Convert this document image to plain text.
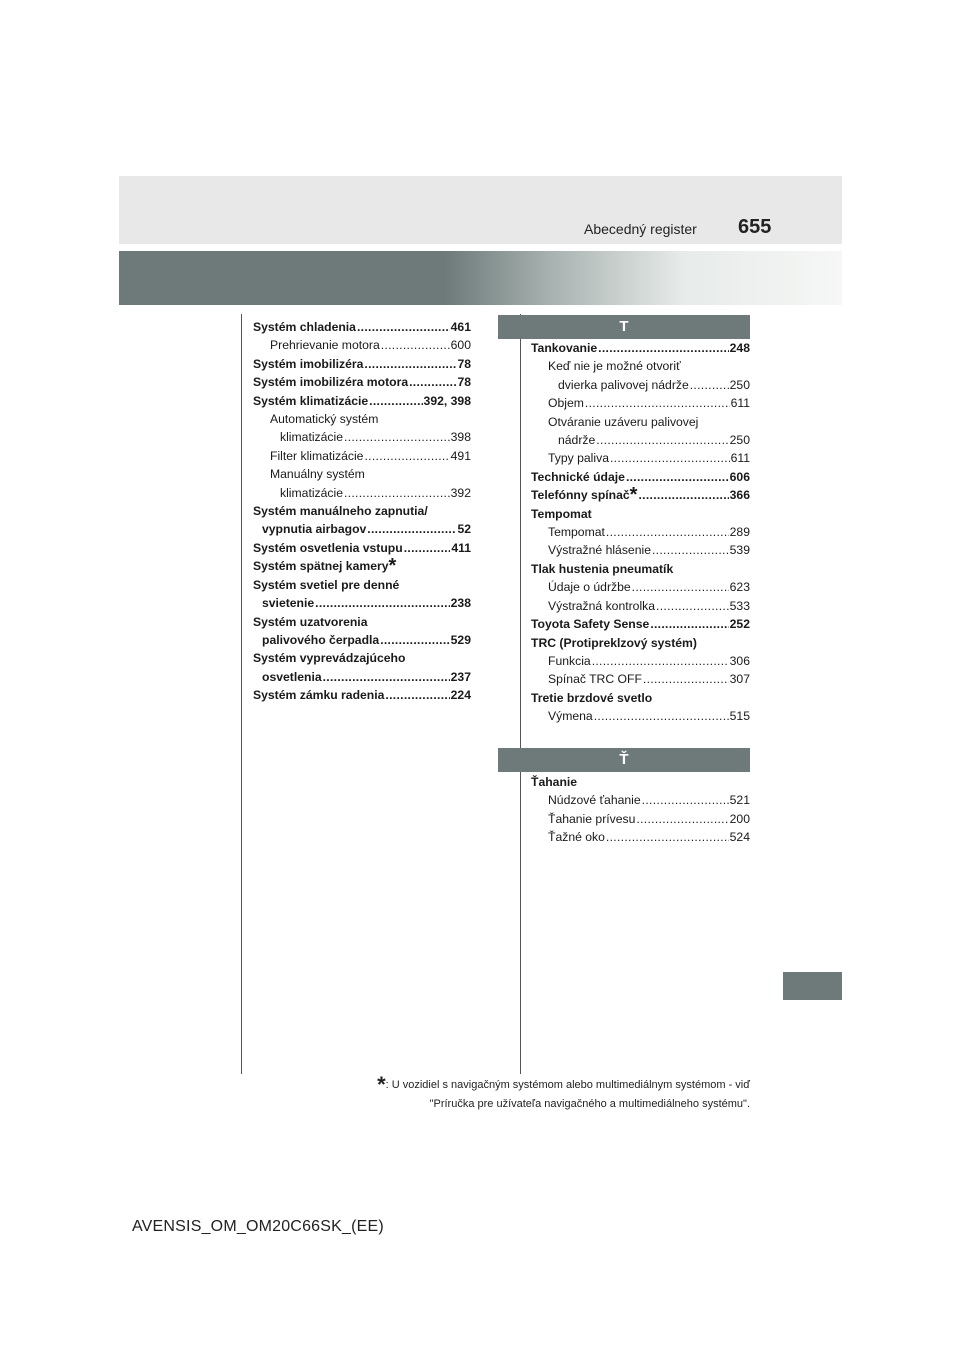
Abecedný register 655
Systém chladenia .....	461
Prehrievanie motora .....	600
Systém imobilizéra .....	78
Systém imobilizéra motora .....	78
Systém klimatizácie .....	392, 398
Automatický systém
klimatizácie .....	398
Filter klimatizácie .....	491
Manuálny systém
klimatizácie .....	392
Systém manuálneho zapnutia/
vypnutia airbagov .....	52
Systém osvetlenia vstupu .....	411
Systém spätnej kamery*
Systém svetiel pre denné
svietenie .....	238
Systém uzatvorenia
palivového čerpadla .....	529
Systém vyprevádzajúceho
osvetlenia .....	237
Systém zámku radenia .....	224
T
Tankovanie .....	248
Keď nie je možné otvoriť
dvierka palivovej nádrže .....	250
Objem .....	611
Otváranie uzáveru palivovej
nádrže .....	250
Typy paliva .....	611
Technické údaje .....	606
Telefónny spínač* .....	366
Tempomat
Tempomat .....	289
Výstražné hlásenie .....	539
Tlak hustenia pneumatík
Údaje o údržbe .....	623
Výstražná kontrolka .....	533
Toyota Safety Sense .....	252
TRC (Protipreklzový systém)
Funkcia .....	306
Spínač TRC OFF .....	307
Tretie brzdové svetlo
Výmena .....	515
Ť
Ťahanie
Núdzové ťahanie .....	521
Ťahanie prívesu .....	200
Ťažné oko .....	524
*: U vozidiel s navigačným systémom alebo multimediálnym systémom - viď
"Príručka pre užívateľa navigačného a multimediálneho systému".
AVENSIS_OM_OM20C66SK_(EE)
